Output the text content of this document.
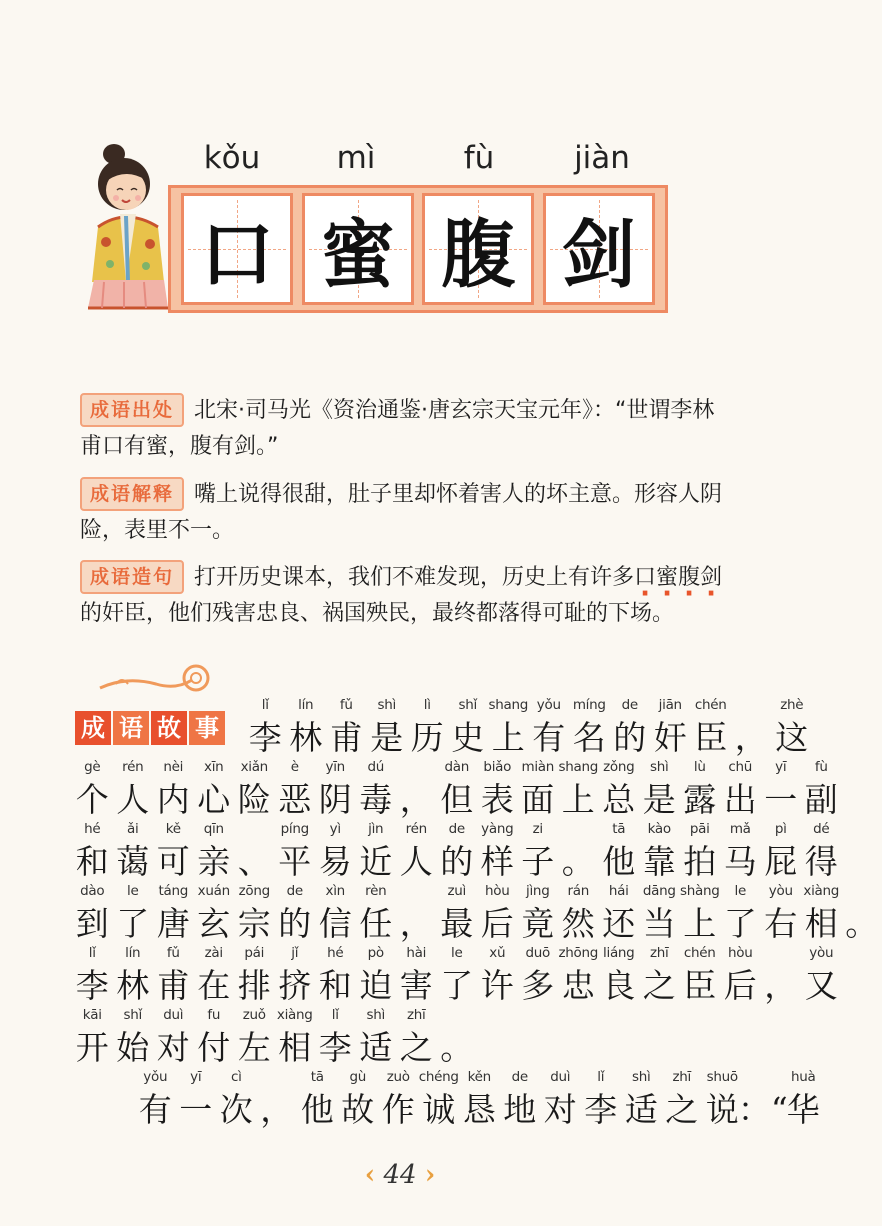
kǒu	mì	fù	jiàn
口 蜜 腹 剑
成语出处 北宋·司马光《资治通鉴·唐玄宗天宝元年》：“世谓李林甫口有蜜，腹有剑。”
成语解释 嘴上说得很甜，肚子里却怀着害人的坏主意。形容人阴险，表里不一。
成语造句 打开历史课本，我们不难发现，历史上有许多口蜜腹剑的奸臣，他们残害忠良、祸国殃民，最终都落得可耻的下场。
成 语 故 事
lǐ
李
lín
林
fǔ
甫
shì
是
lì
历
shǐ
史
shang
上
yǒu
有
míng
名
de
的
jiān
奸
chén
臣 ，
zhè
这
gè
个
rén
人
nèi
内
xīn
心
xiǎn
险
è
恶
yīn
阴
dú
毒 ，
dàn
但
biǎo
表
miàn
面
shang
上
zǒng
总
shì
是
lù
露
chū
出
yī
一
fù
副
hé
和
ǎi
蔼
kě
可
qīn
亲 、
píng
平
yì
易
jìn
近
rén
人
de
的
yàng
样
zi
子 。
tā
他
kào
靠
pāi
拍
mǎ
马
pì
屁
dé
得
dào
到
le
了
táng
唐
xuán
玄
zōng
宗
de
的
xìn
信
rèn
任 ，
zuì
最
hòu
后
jìng
竟
rán
然
hái
还
dāng
当
shàng
上
le
了
yòu
右
xiàng
相 。
lǐ
李
lín
林
fǔ
甫
zài
在
pái
排
jǐ
挤
hé
和
pò
迫
hài
害
le
了
xǔ
许
duō
多
zhōng
忠
liáng
良
zhī
之
chén
臣
hòu
后 ，
yòu
又
kāi
开
shǐ
始
duì
对
fu
付
zuǒ
左
xiàng
相
lǐ
李
shì
适
zhī
之 。
yǒu
有
yī
一
cì
次 ，
tā
他
gù
故
zuò
作
chéng
诚
kěn
恳
de
地
duì
对
lǐ
李
shì
适
zhī
之
shuō
说 ：“
huà
华
‹ 44 ›
